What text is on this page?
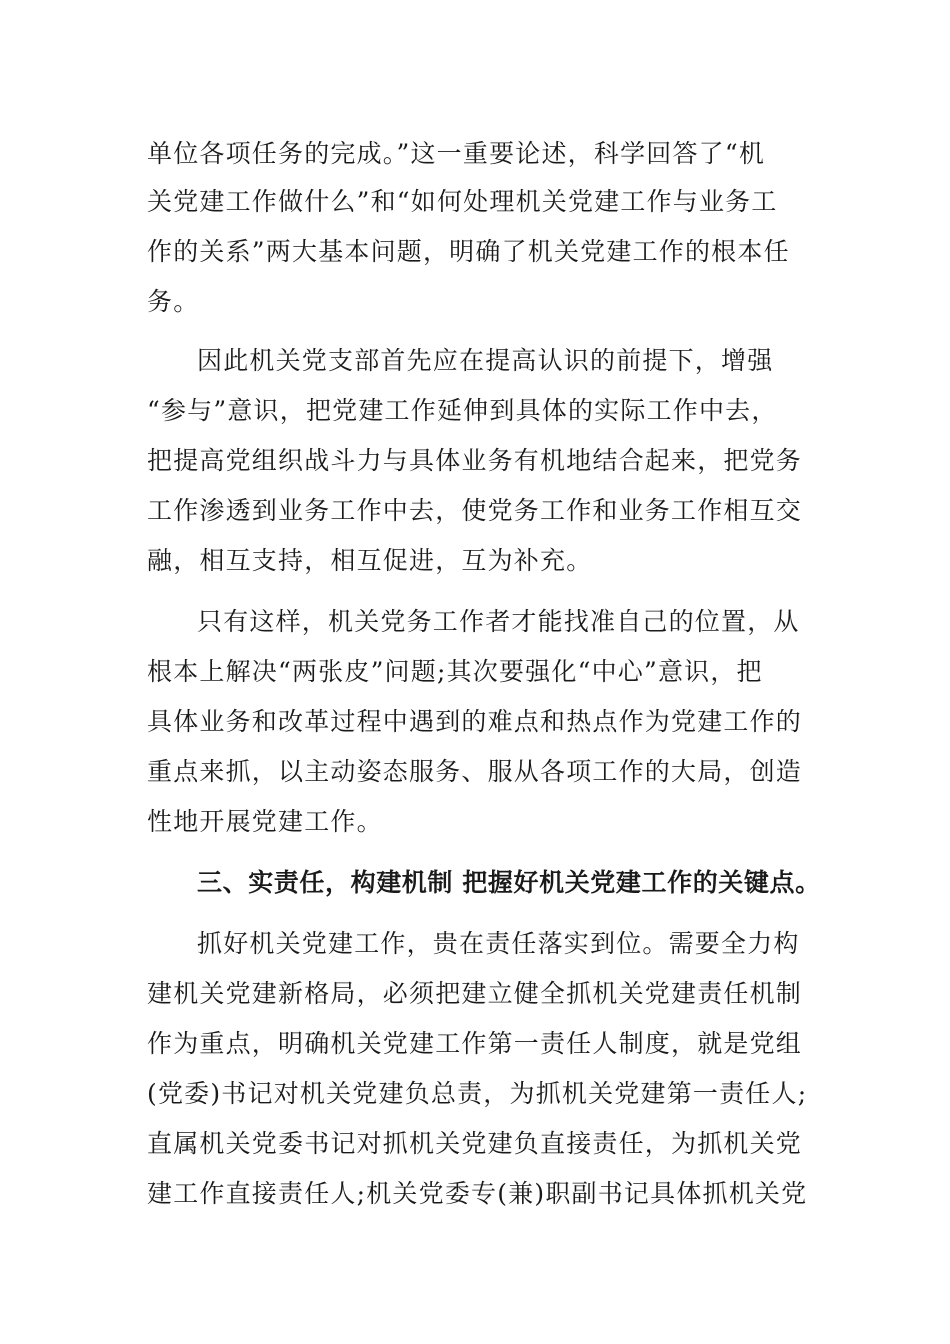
单位各项任务的完成。”这一重要论述，科学回答了“机
关党建工作做什么”和“如何处理机关党建工作与业务工
作的关系”两大基本问题，明确了机关党建工作的根本任
务。
因此机关党支部首先应在提高认识的前提下，增强
“参与”意识，把党建工作延伸到具体的实际工作中去，
把提高党组织战斗力与具体业务有机地结合起来，把党务
工作渗透到业务工作中去，使党务工作和业务工作相互交
融，相互支持，相互促进，互为补充。
只有这样，机关党务工作者才能找准自己的位置，从
根本上解决“两张皮”问题;其次要强化“中心”意识，把
具体业务和改革过程中遇到的难点和热点作为党建工作的
重点来抓，以主动姿态服务、服从各项工作的大局，创造
性地开展党建工作。
三、实责任，构建机制 把握好机关党建工作的关键点。
抓好机关党建工作，贵在责任落实到位。需要全力构
建机关党建新格局，必须把建立健全抓机关党建责任机制
作为重点，明确机关党建工作第一责任人制度，就是党组
(党委)书记对机关党建负总责，为抓机关党建第一责任人;
直属机关党委书记对抓机关党建负直接责任，为抓机关党
建工作直接责任人;机关党委专(兼)职副书记具体抓机关党
